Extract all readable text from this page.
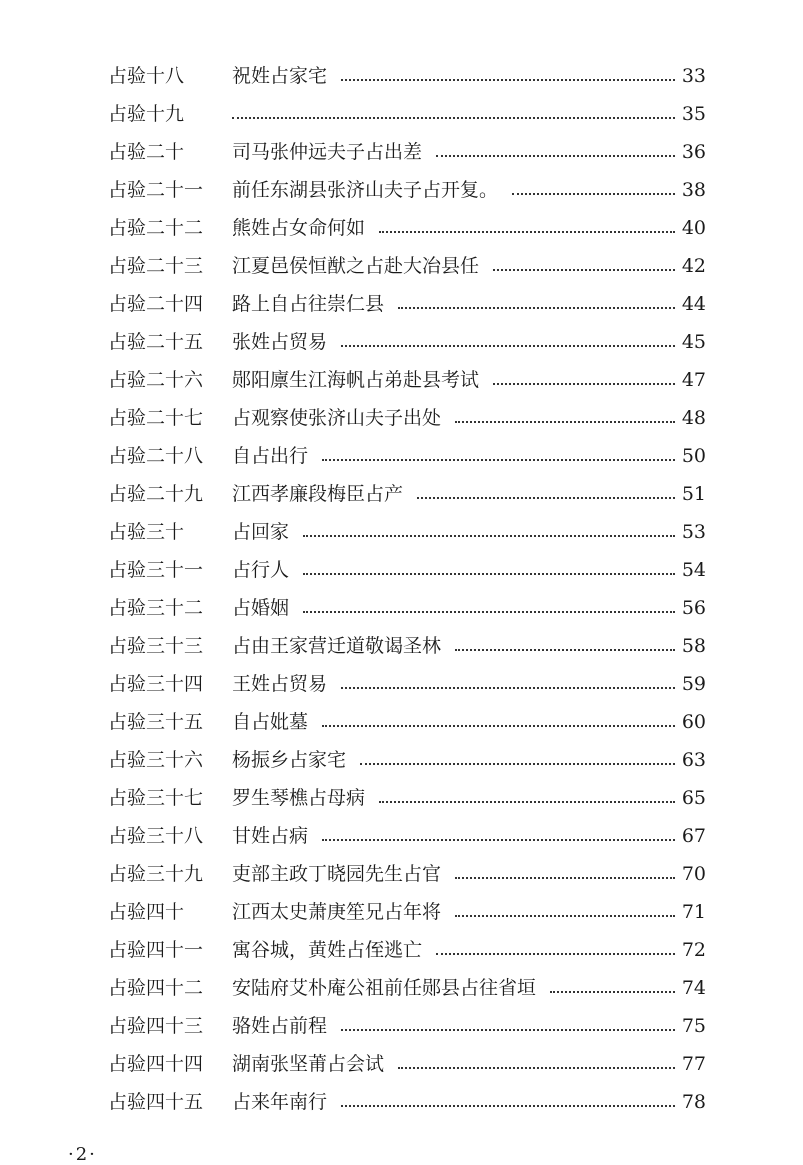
占验十八	祝姓占家宅	33
占验十九	35
占验二十	司马张仲远夫子占出差	36
占验二十一 前任东湖县张济山夫子占开复。	38
占验二十二 熊姓占女命何如	40
占验二十三 江夏邑侯恒猷之占赴大冶县任	42
占验二十四 路上自占往崇仁县	44
占验二十五 张姓占贸易	45
占验二十六 郧阳廪生江海帆占弟赴县考试	47
占验二十七 占观察使张济山夫子出处	48
占验二十八 自占出行	50
占验二十九 江西孝廉段梅臣占产	51
占验三十	占回家	53
占验三十一 占行人	54
占验三十二 占婚姻	56
占验三十三 占由王家营迁道敬谒圣林	58
占验三十四 王姓占贸易	59
占验三十五 自占妣墓	60
占验三十六 杨振乡占家宅	63
占验三十七 罗生琴樵占母病	65
占验三十八 甘姓占病	67
占验三十九 吏部主政丁晓园先生占官	70
占验四十	江西太史萧庚笙兄占年将	71
占验四十一 寓谷城，黄姓占侄逃亡	72
占验四十二 安陆府艾朴庵公祖前任郧县占往省垣	74
占验四十三 骆姓占前程	75
占验四十四 湖南张坚莆占会试	77
占验四十五 占来年南行	78
·2·
